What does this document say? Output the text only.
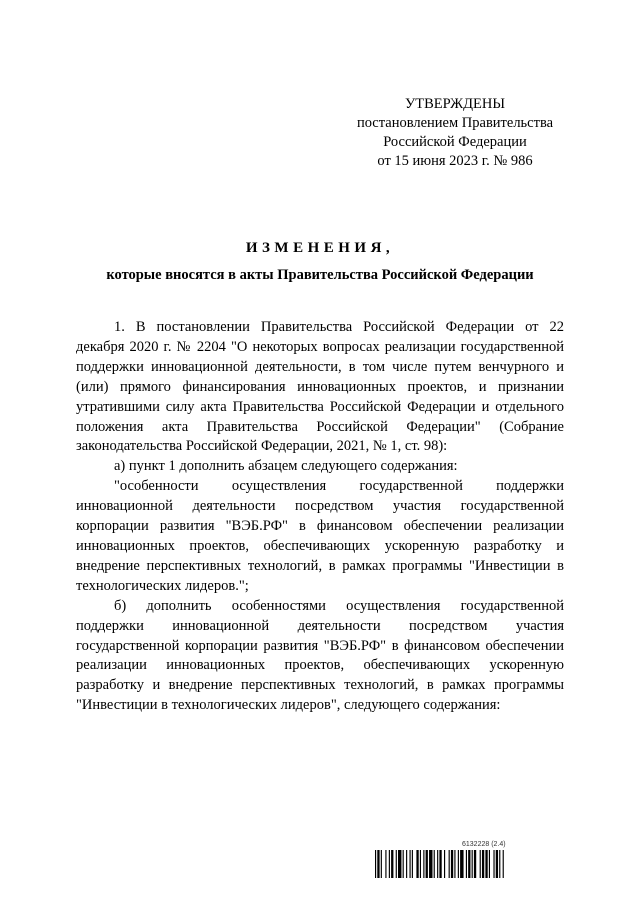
УТВЕРЖДЕНЫ
постановлением Правительства
Российской Федерации
от 15 июня 2023 г. № 986
ИЗМЕНЕНИЯ,
которые вносятся в акты Правительства Российской Федерации

1. В постановлении Правительства Российской Федерации от 22 декабря 2020 г. № 2204 "О некоторых вопросах реализации государственной поддержки инновационной деятельности, в том числе путем венчурного и (или) прямого финансирования инновационных проектов, и признании утратившими силу акта Правительства Российской Федерации и отдельного положения акта Правительства Российской Федерации" (Собрание законодательства Российской Федерации, 2021, № 1, ст. 98):

а) пункт 1 дополнить абзацем следующего содержания:

"особенности осуществления государственной поддержки инновационной деятельности посредством участия государственной корпорации развития "ВЭБ.РФ" в финансовом обеспечении реализации инновационных проектов, обеспечивающих ускоренную разработку и внедрение перспективных технологий, в рамках программы "Инвестиции в технологических лидеров.";

б) дополнить особенностями осуществления государственной поддержки инновационной деятельности посредством участия государственной корпорации развития "ВЭБ.РФ" в финансовом обеспечении реализации инновационных проектов, обеспечивающих ускоренную разработку и внедрение перспективных технологий, в рамках программы "Инвестиции в технологических лидеров", следующего содержания:

6132228 (2.4)
